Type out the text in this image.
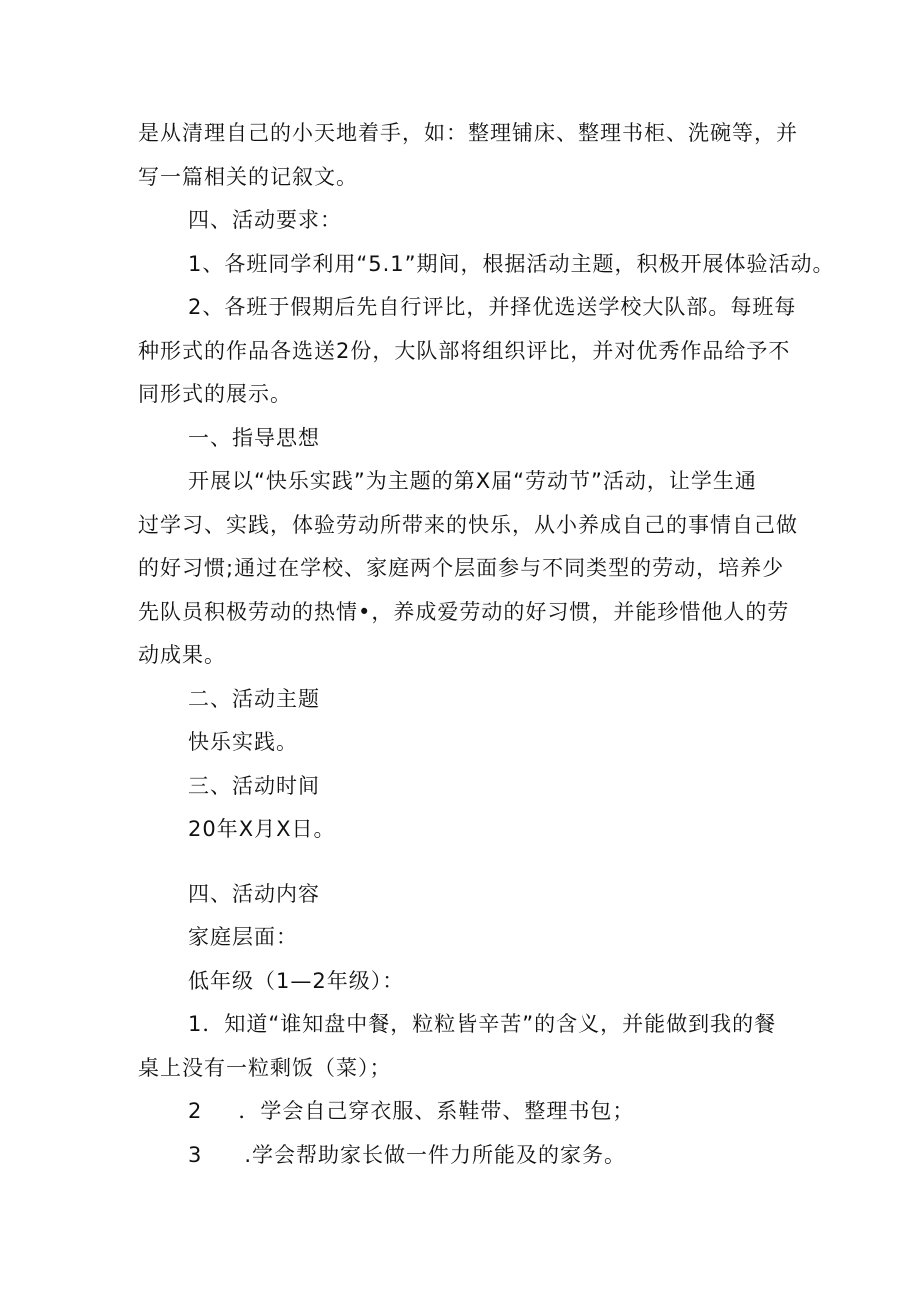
是从清理自己的小天地着手，如：整理铺床、整理书柜、洗碗等，并
写一篇相关的记叙文。
四、活动要求：
1、各班同学利用“5.1”期间，根据活动主题，积极开展体验活动。
2、各班于假期后先自行评比，并择优选送学校大队部。每班每
种形式的作品各选送2份，大队部将组织评比，并对优秀作品给予不
同形式的展示。
一、指导思想
开展以“快乐实践”为主题的第X届“劳动节”活动，让学生通
过学习、实践，体验劳动所带来的快乐，从小养成自己的事情自己做
的好习惯;通过在学校、家庭两个层面参与不同类型的劳动，培养少
先队员积极劳动的热情•，养成爱劳动的好习惯，并能珍惜他人的劳
动成果。
二、活动主题
快乐实践。
三、活动时间
20年X月X日。
四、活动内容
家庭层面：
低年级（1—2年级）：
1．知道“谁知盘中餐，粒粒皆辛苦”的含义，并能做到我的餐
桌上没有一粒剩饭（菜）；
2 ．学会自己穿衣服、系鞋带、整理书包；
3 .学会帮助家长做一件力所能及的家务。
